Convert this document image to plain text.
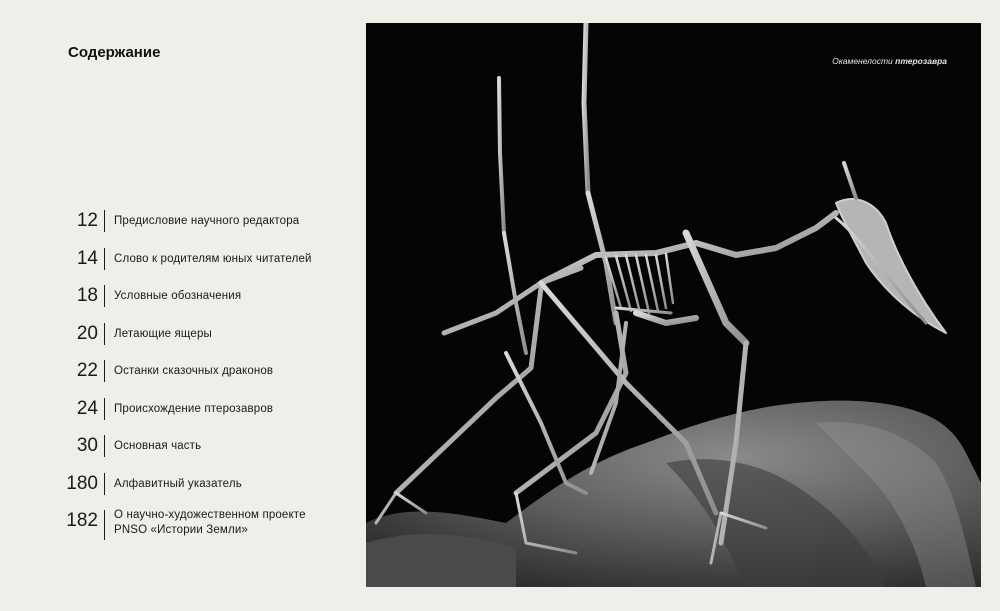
Содержание
12	Предисловие научного редактора
14	Слово к родителям юных читателей
18	Условные обозначения
20	Летающие ящеры
22	Останки сказочных драконов
24	Происхождение птерозавров
30	Основная часть
180	Алфавитный указатель
182	О научно-художественном проекте
PNSO «Истории Земли»
Окаменелости птерозавра
